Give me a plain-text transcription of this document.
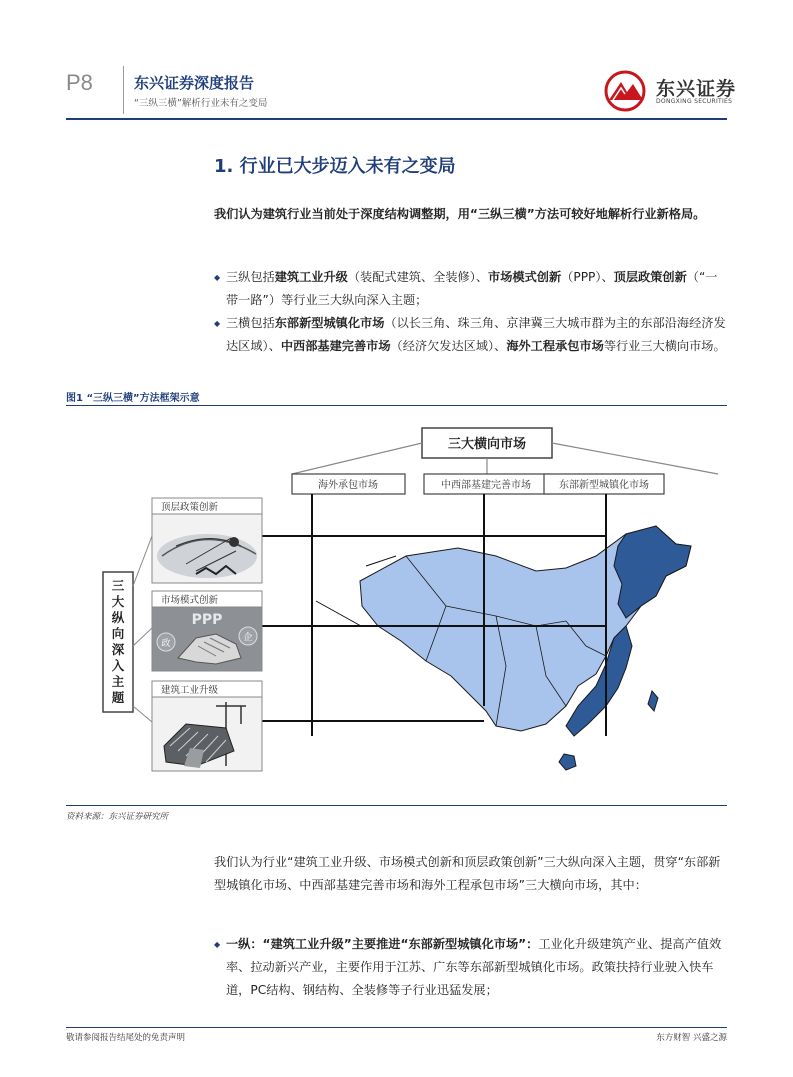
P8	东兴证券深度报告
“三纵三横”解析行业未有之变局
东兴证券
DONGXING SECURITIES
1. 行业已大步迈入未有之变局
我们认为建筑行业当前处于深度结构调整期，用“三纵三横”方法可较好地解析行业新格局。
◆ 三纵包括建筑工业升级（装配式建筑、全装修）、市场模式创新（PPP）、顶层政策创新（“一带一路”）等行业三大纵向深入主题；
◆ 三横包括东部新型城镇化市场（以长三角、珠三角、京津冀三大城市群为主的东部沿海经济发达区域）、中西部基建完善市场（经济欠发达区域）、海外工程承包市场等行业三大横向市场。
图1 “三纵三横”方法框架示意
三大横向市场
海外承包市场	中西部基建完善市场	东部新型城镇化市场
三
大
纵
向
深
入
主
题
顶层政策创新
市场模式创新
PPP
政
企
建筑工业升级
资料来源：东兴证券研究所
我们认为行业“建筑工业升级、市场模式创新和顶层政策创新”三大纵向深入主题，贯穿“东部新型城镇化市场、中西部基建完善市场和海外工程承包市场”三大横向市场，其中：
◆ 一纵：“建筑工业升级”主要推进“东部新型城镇化市场”：工业化升级建筑产业、提高产值效率、拉动新兴产业，主要作用于江苏、广东等东部新型城镇化市场。政策扶持行业驶入快车道，PC结构、钢结构、全装修等子行业迅猛发展；
敬请参阅报告结尾处的免责声明	东方财智 兴盛之源
